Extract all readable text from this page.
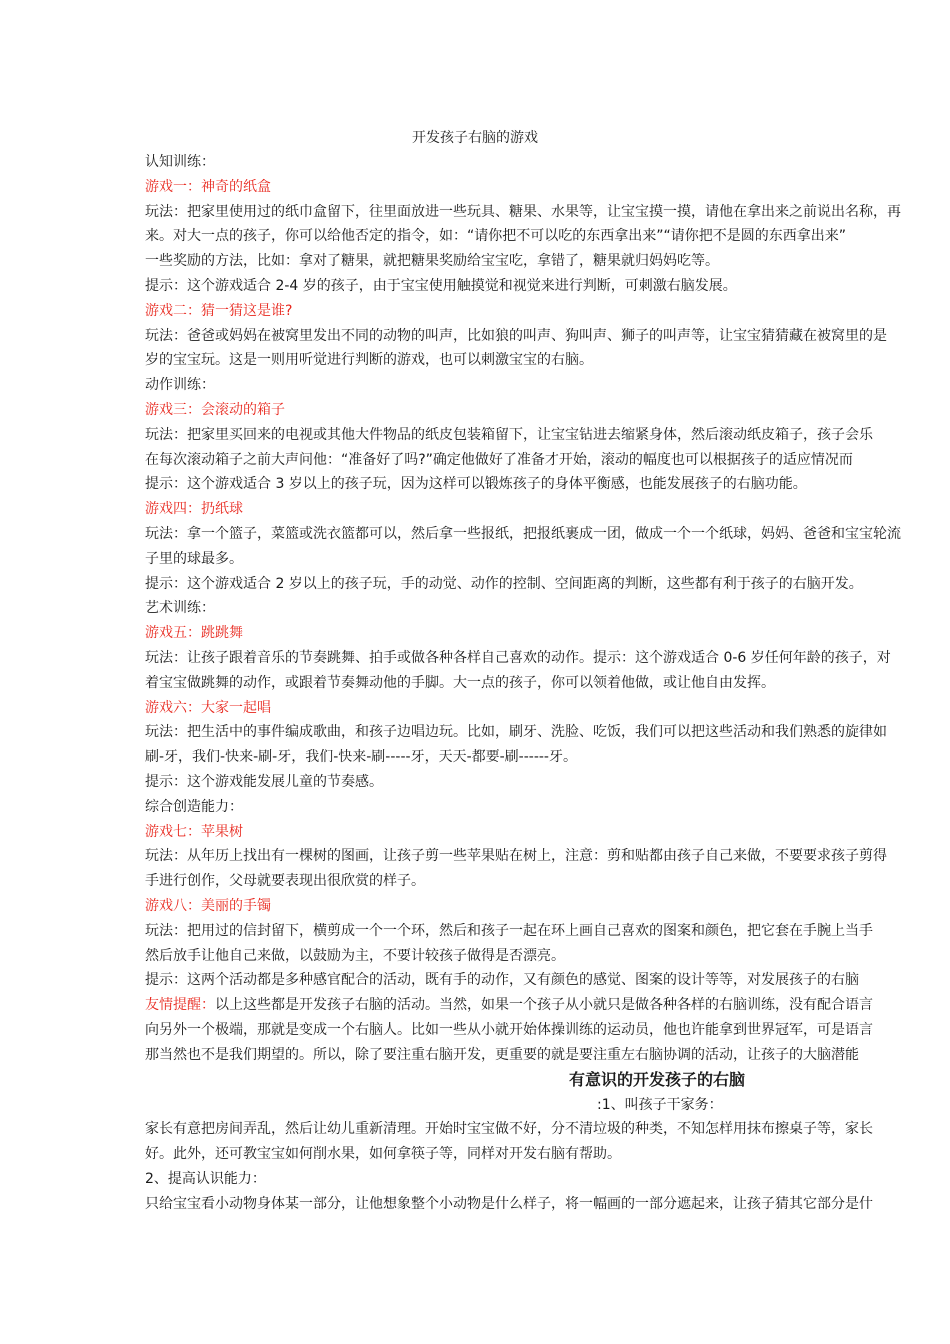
开发孩子右脑的游戏
认知训练：
游戏一：神奇的纸盒
玩法：把家里使用过的纸巾盒留下，往里面放进一些玩具、糖果、水果等，让宝宝摸一摸，请他在拿出来之前说出名称，再
来。对大一点的孩子，你可以给他否定的指令，如：“请你把不可以吃的东西拿出来”“请你把不是圆的东西拿出来”
一些奖励的方法，比如：拿对了糖果，就把糖果奖励给宝宝吃，拿错了，糖果就归妈妈吃等。
提示：这个游戏适合 2-4 岁的孩子，由于宝宝使用触摸觉和视觉来进行判断，可刺激右脑发展。
游戏二：猜一猜这是谁?
玩法：爸爸或妈妈在被窝里发出不同的动物的叫声，比如狼的叫声、狗叫声、狮子的叫声等，让宝宝猜猜藏在被窝里的是
岁的宝宝玩。这是一则用听觉进行判断的游戏，也可以刺激宝宝的右脑。
动作训练：
游戏三：会滚动的箱子
玩法：把家里买回来的电视或其他大件物品的纸皮包装箱留下，让宝宝钻进去缩紧身体，然后滚动纸皮箱子，孩子会乐
在每次滚动箱子之前大声问他：“准备好了吗?”确定他做好了准备才开始，滚动的幅度也可以根据孩子的适应情况而
提示：这个游戏适合 3 岁以上的孩子玩，因为这样可以锻炼孩子的身体平衡感，也能发展孩子的右脑功能。
游戏四：扔纸球
玩法：拿一个篮子，菜篮或洗衣篮都可以，然后拿一些报纸，把报纸裹成一团，做成一个一个纸球，妈妈、爸爸和宝宝轮流
子里的球最多。
提示：这个游戏适合 2 岁以上的孩子玩，手的动觉、动作的控制、空间距离的判断，这些都有利于孩子的右脑开发。
艺术训练：
游戏五：跳跳舞
玩法：让孩子跟着音乐的节奏跳舞、拍手或做各种各样自己喜欢的动作。提示：这个游戏适合 0-6 岁任何年龄的孩子，对
着宝宝做跳舞的动作，或跟着节奏舞动他的手脚。大一点的孩子，你可以领着他做，或让他自由发挥。
游戏六：大家一起唱
玩法：把生活中的事件编成歌曲，和孩子边唱边玩。比如，刷牙、洗脸、吃饭，我们可以把这些活动和我们熟悉的旋律如
刷-牙，我们-快来-刷-牙，我们-快来-刷-----牙，天天-都要-刷------牙。
提示：这个游戏能发展儿童的节奏感。
综合创造能力：
游戏七：苹果树
玩法：从年历上找出有一棵树的图画，让孩子剪一些苹果贴在树上，注意：剪和贴都由孩子自己来做，不要要求孩子剪得
手进行创作，父母就要表现出很欣赏的样子。
游戏八：美丽的手镯
玩法：把用过的信封留下，横剪成一个一个环，然后和孩子一起在环上画自己喜欢的图案和颜色，把它套在手腕上当手
然后放手让他自己来做，以鼓励为主，不要计较孩子做得是否漂亮。
提示：这两个活动都是多种感官配合的活动，既有手的动作，又有颜色的感觉、图案的设计等等，对发展孩子的右脑
友情提醒：以上这些都是开发孩子右脑的活动。当然，如果一个孩子从小就只是做各种各样的右脑训练，没有配合语言
向另外一个极端，那就是变成一个右脑人。比如一些从小就开始体操训练的运动员，他也许能拿到世界冠军，可是语言
那当然也不是我们期望的。所以，除了要注重右脑开发，更重要的就是要注重左右脑协调的活动，让孩子的大脑潜能
有意识的开发孩子的右脑
:1、叫孩子干家务：
家长有意把房间弄乱，然后让幼儿重新清理。开始时宝宝做不好，分不清垃圾的种类，不知怎样用抹布擦桌子等，家长
好。此外，还可教宝宝如何削水果，如何拿筷子等，同样对开发右脑有帮助。
2、提高认识能力：
只给宝宝看小动物身体某一部分，让他想象整个小动物是什么样子，将一幅画的一部分遮起来，让孩子猜其它部分是什
